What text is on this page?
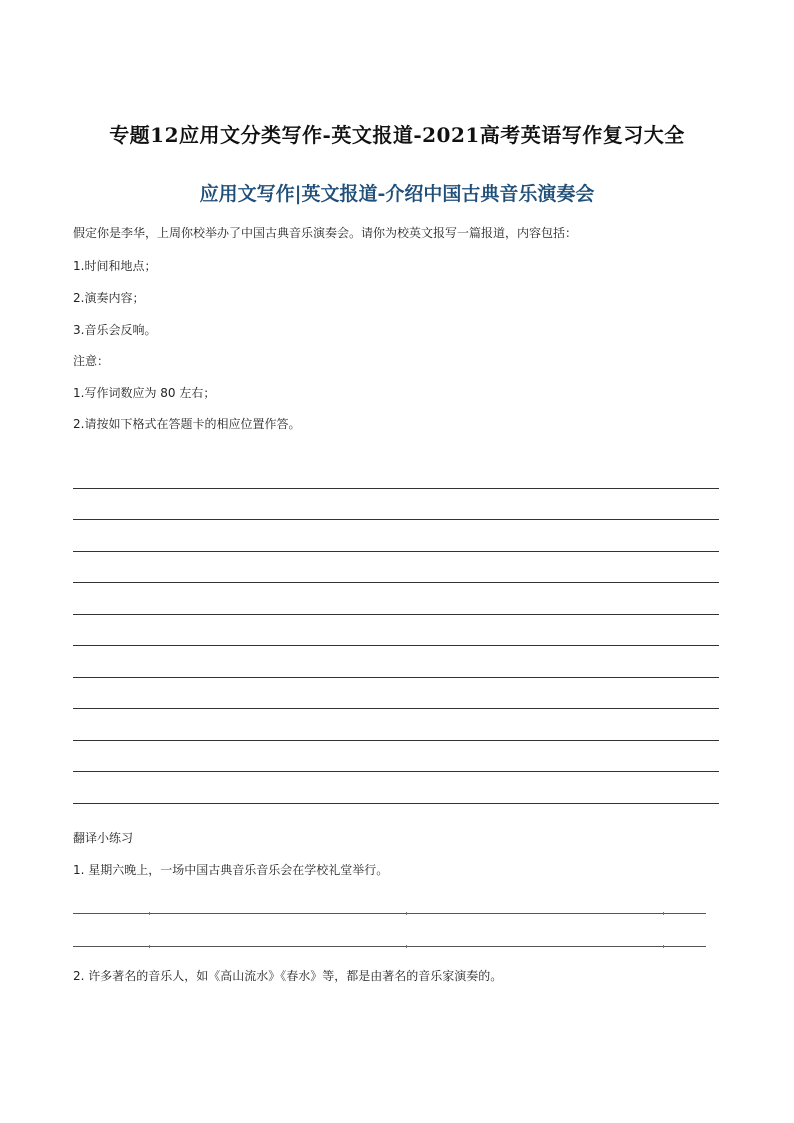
专题12应用文分类写作-英文报道-2021高考英语写作复习大全
应用文写作|英文报道-介绍中国古典音乐演奏会
假定你是李华，上周你校举办了中国古典音乐演奏会。请你为校英文报写一篇报道，内容包括：
1.时间和地点；
2.演奏内容；
3.音乐会反响。
注意：
1.写作词数应为 80 左右；
2.请按如下格式在答题卡的相应位置作答。
翻译小练习
1. 星期六晚上，一场中国古典音乐音乐会在学校礼堂举行。
2. 许多著名的音乐人，如《高山流水》《春水》等，都是由著名的音乐家演奏的。
